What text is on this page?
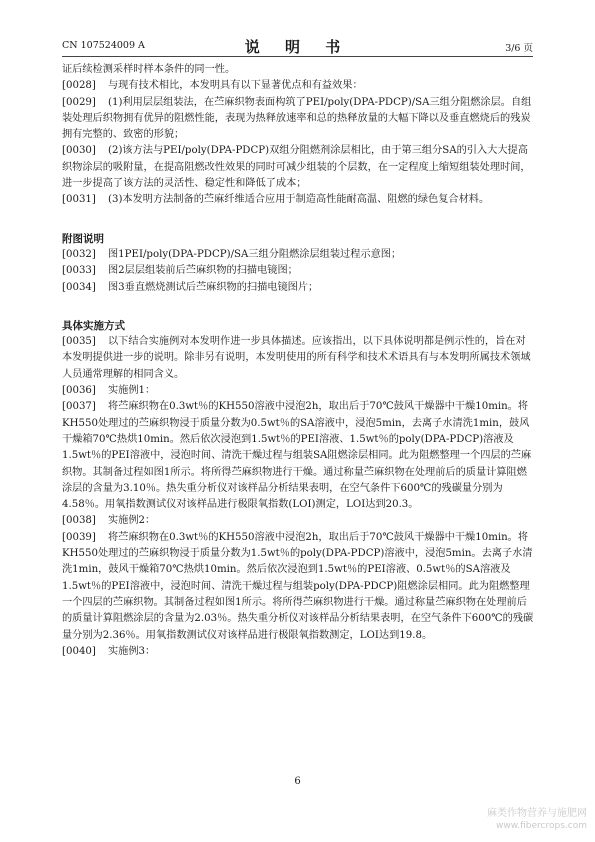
CN 107524009 A	说 明 书	3/6 页

证后续检测采样时样本条件的同一性。

[0028] 与现有技术相比，本发明具有以下显著优点和有益效果：

[0029] (1)利用层层组装法，在苎麻织物表面构筑了PEI/poly(DPA-PDCP)/SA三组分阻燃涂层。自组装处理后织物拥有优异的阻燃性能，表现为热释放速率和总的热释放量的大幅下降以及垂直燃烧后的残炭拥有完整的、致密的形貌；

[0030] (2)该方法与PEI/poly(DPA-PDCP)双组分阻燃剂涂层相比，由于第三组分SA的引入大大提高织物涂层的吸附量，在提高阻燃改性效果的同时可减少组装的个层数，在一定程度上缩短组装处理时间，进一步提高了该方法的灵活性、稳定性和降低了成本；

[0031] (3)本发明方法制备的苎麻纤维适合应用于制造高性能耐高温、阻燃的绿色复合材料。

附图说明

[0032] 图1PEI/poly(DPA-PDCP)/SA三组分阻燃涂层组装过程示意图；

[0033] 图2层层组装前后苎麻织物的扫描电镜图；

[0034] 图3垂直燃烧测试后苎麻织物的扫描电镜图片；

具体实施方式

[0035] 以下结合实施例对本发明作进一步具体描述。应该指出，以下具体说明都是例示性的，旨在对本发明提供进一步的说明。除非另有说明，本发明使用的所有科学和技术术语具有与本发明所属技术领域人员通常理解的相同含义。

[0036] 实施例1：

[0037] 将苎麻织物在0.3wt％的KH550溶液中浸泡2h，取出后于70℃鼓风干燥器中干燥10min。将KH550处理过的苎麻织物浸于质量分数为0.5wt％的SA溶液中，浸泡5min，去离子水清洗1min，鼓风干燥箱70℃热烘10min。然后依次浸泡到1.5wt％的PEI溶液、1.5wt％的poly(DPA-PDCP)溶液及1.5wt％的PEI溶液中，浸泡时间、清洗干燥过程与组装SA阻燃涂层相同。此为阻燃整理一个四层的苎麻织物。其制备过程如图1所示。将所得苎麻织物进行干燥。通过称量苎麻织物在处理前后的质量计算阻燃涂层的含量为3.10％。热失重分析仪对该样品分析结果表明，在空气条件下600℃的残碳量分别为4.58％。用氧指数测试仪对该样品进行极限氧指数(LOI)测定，LOI达到20.3。

[0038] 实施例2：

[0039] 将苎麻织物在0.3wt％的KH550溶液中浸泡2h，取出后于70℃鼓风干燥器中干燥10min。将KH550处理过的苎麻织物浸于质量分数为1.5wt％的poly(DPA-PDCP)溶液中，浸泡5min。去离子水清洗1min，鼓风干燥箱70℃热烘10min。然后依次浸泡到1.5wt％的PEI溶液、0.5wt％的SA溶液及1.5wt％的PEI溶液中，浸泡时间、清洗干燥过程与组装poly(DPA-PDCP)阻燃涂层相同。此为阻燃整理一个四层的苎麻织物。其制备过程如图1所示。将所得苎麻织物进行干燥。通过称量苎麻织物在处理前后的质量计算阻燃涂层的含量为2.03％。热失重分析仪对该样品分析结果表明，在空气条件下600℃的残碳量分别为2.36％。用氧指数测试仪对该样品进行极限氧指数测定，LOI达到19.8。

[0040] 实施例3：

6
麻类作物营养与施肥网
www.fibercrops.com
